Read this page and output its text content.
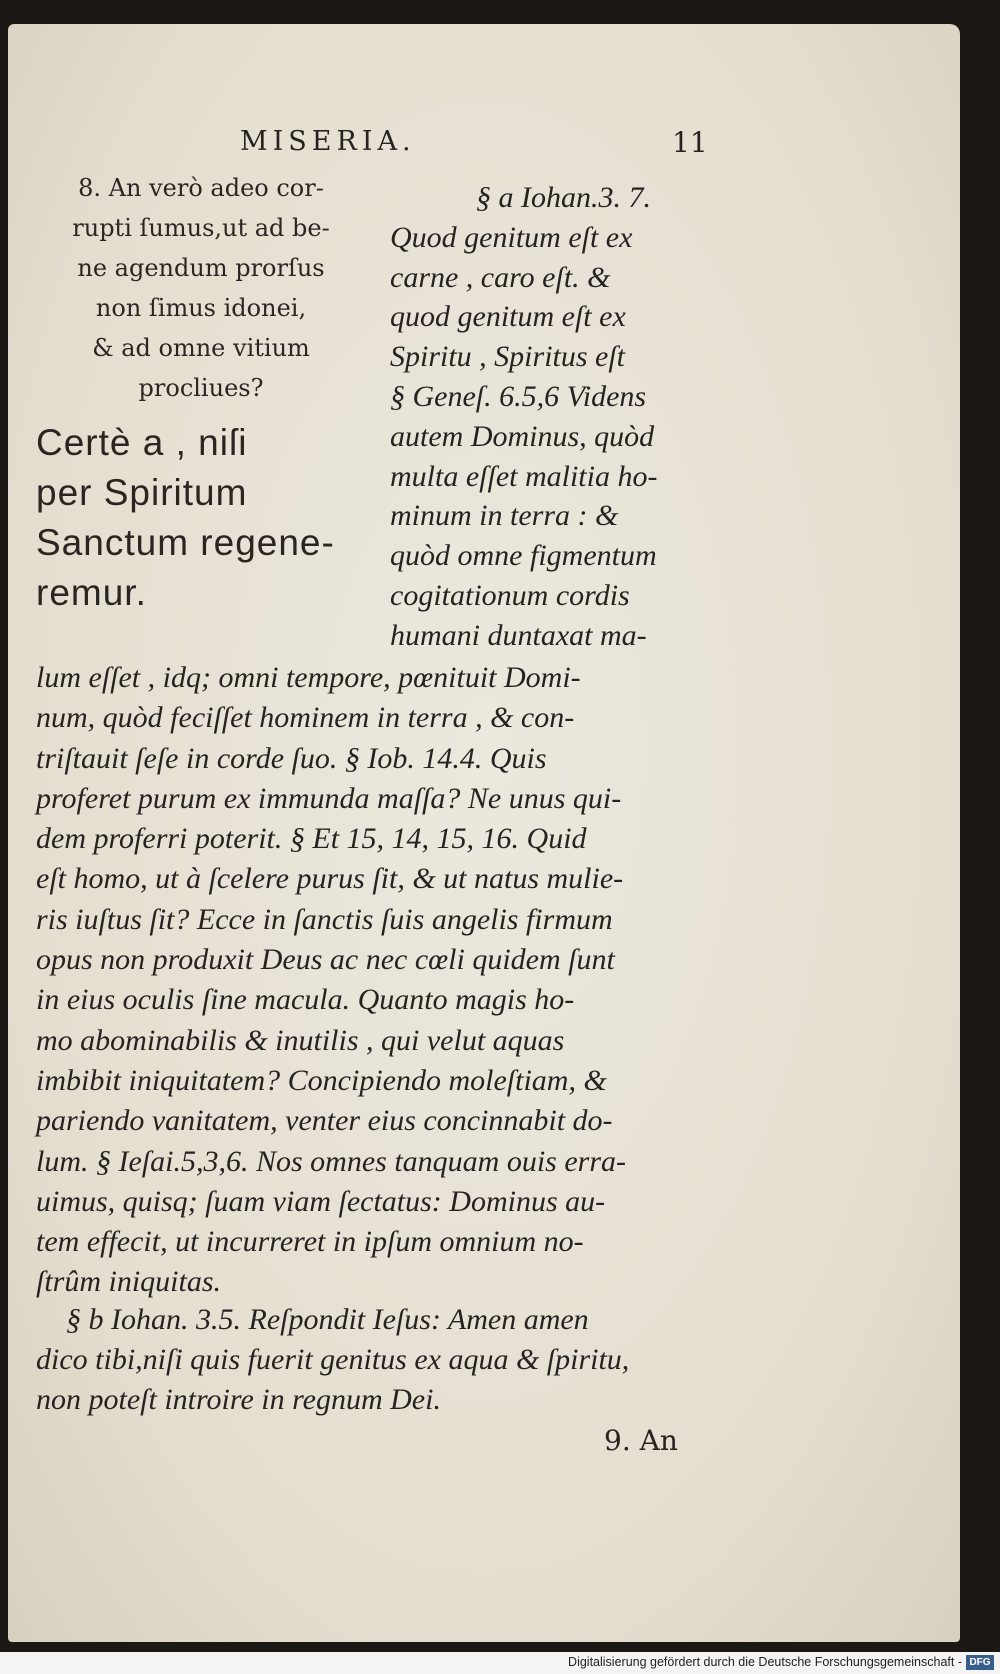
MISERIA.	11
8. An verò adeo cor-
rupti ſumus,ut ad be-
ne agendum prorſus
non ſimus idonei,
& ad omne vitium
procliues?
Certè a , niſi
per Spiritum
Sanctum regene-
remur.
§ a Iohan.3. 7.
Quod genitum eſt ex
carne , caro eſt. &
quod genitum eſt ex
Spiritu , Spiritus eſt
§ Geneſ. 6.5,6 Videns
autem Dominus, quòd
multa eſſet malitia ho-
minum in terra : &
quòd omne figmentum
cogitationum cordis
humani duntaxat ma-
lum eſſet , idq; omni tempore, pœnituit Domi-
num, quòd feciſſet hominem in terra , & con-
triſtauit ſeſe in corde ſuo. § Iob. 14.4. Quis
proferet purum ex immunda maſſa? Ne unus qui-
dem proferri poterit. § Et 15, 14, 15, 16. Quid
eſt homo, ut à ſcelere purus ſit, & ut natus mulie-
ris iuſtus ſit? Ecce in ſanctis ſuis angelis firmum
opus non produxit Deus ac nec cœli quidem ſunt
in eius oculis ſine macula. Quanto magis ho-
mo abominabilis & inutilis , qui velut aquas
imbibit iniquitatem? Concipiendo moleſtiam, &
pariendo vanitatem, venter eius concinnabit do-
lum. § Ieſai.5,3,6. Nos omnes tanquam ouis erra-
uimus, quisq; ſuam viam ſectatus: Dominus au-
tem effecit, ut incurreret in ipſum omnium no-
ſtrûm iniquitas.
§ b Iohan. 3.5. Reſpondit Ieſus: Amen amen
dico tibi,niſi quis fuerit genitus ex aqua & ſpiritu,
non poteſt introire in regnum Dei.
9. An
Digitalisierung gefördert durch die Deutsche Forschungsgemeinschaft - DFG
